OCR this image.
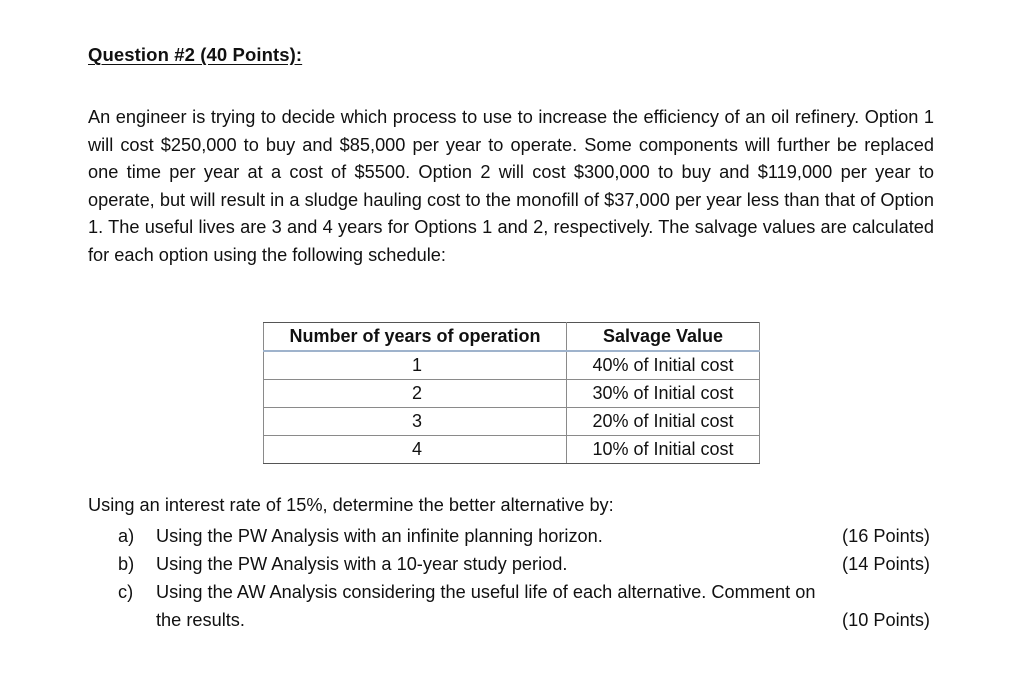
Question #2 (40 Points):

An engineer is trying to decide which process to use to increase the efficiency of an oil refinery. Option 1 will cost $250,000 to buy and $85,000 per year to operate. Some components will further be replaced one time per year at a cost of $5500. Option 2 will cost $300,000 to buy and $119,000 per year to operate, but will result in a sludge hauling cost to the monofill of $37,000 per year less than that of Option 1. The useful lives are 3 and 4 years for Options 1 and 2, respectively. The salvage values are calculated for each option using the following schedule:

Number of years of operation	Salvage Value
1	40% of Initial cost
2	30% of Initial cost
3	20% of Initial cost
4	10% of Initial cost

Using an interest rate of 15%, determine the better alternative by:

a)	Using the PW Analysis with an infinite planning horizon.	(16 Points)
b)	Using the PW Analysis with a 10-year study period.	(14 Points)
c)	Using the AW Analysis considering the useful life of each alternative. Comment on
the results.	(10 Points)
